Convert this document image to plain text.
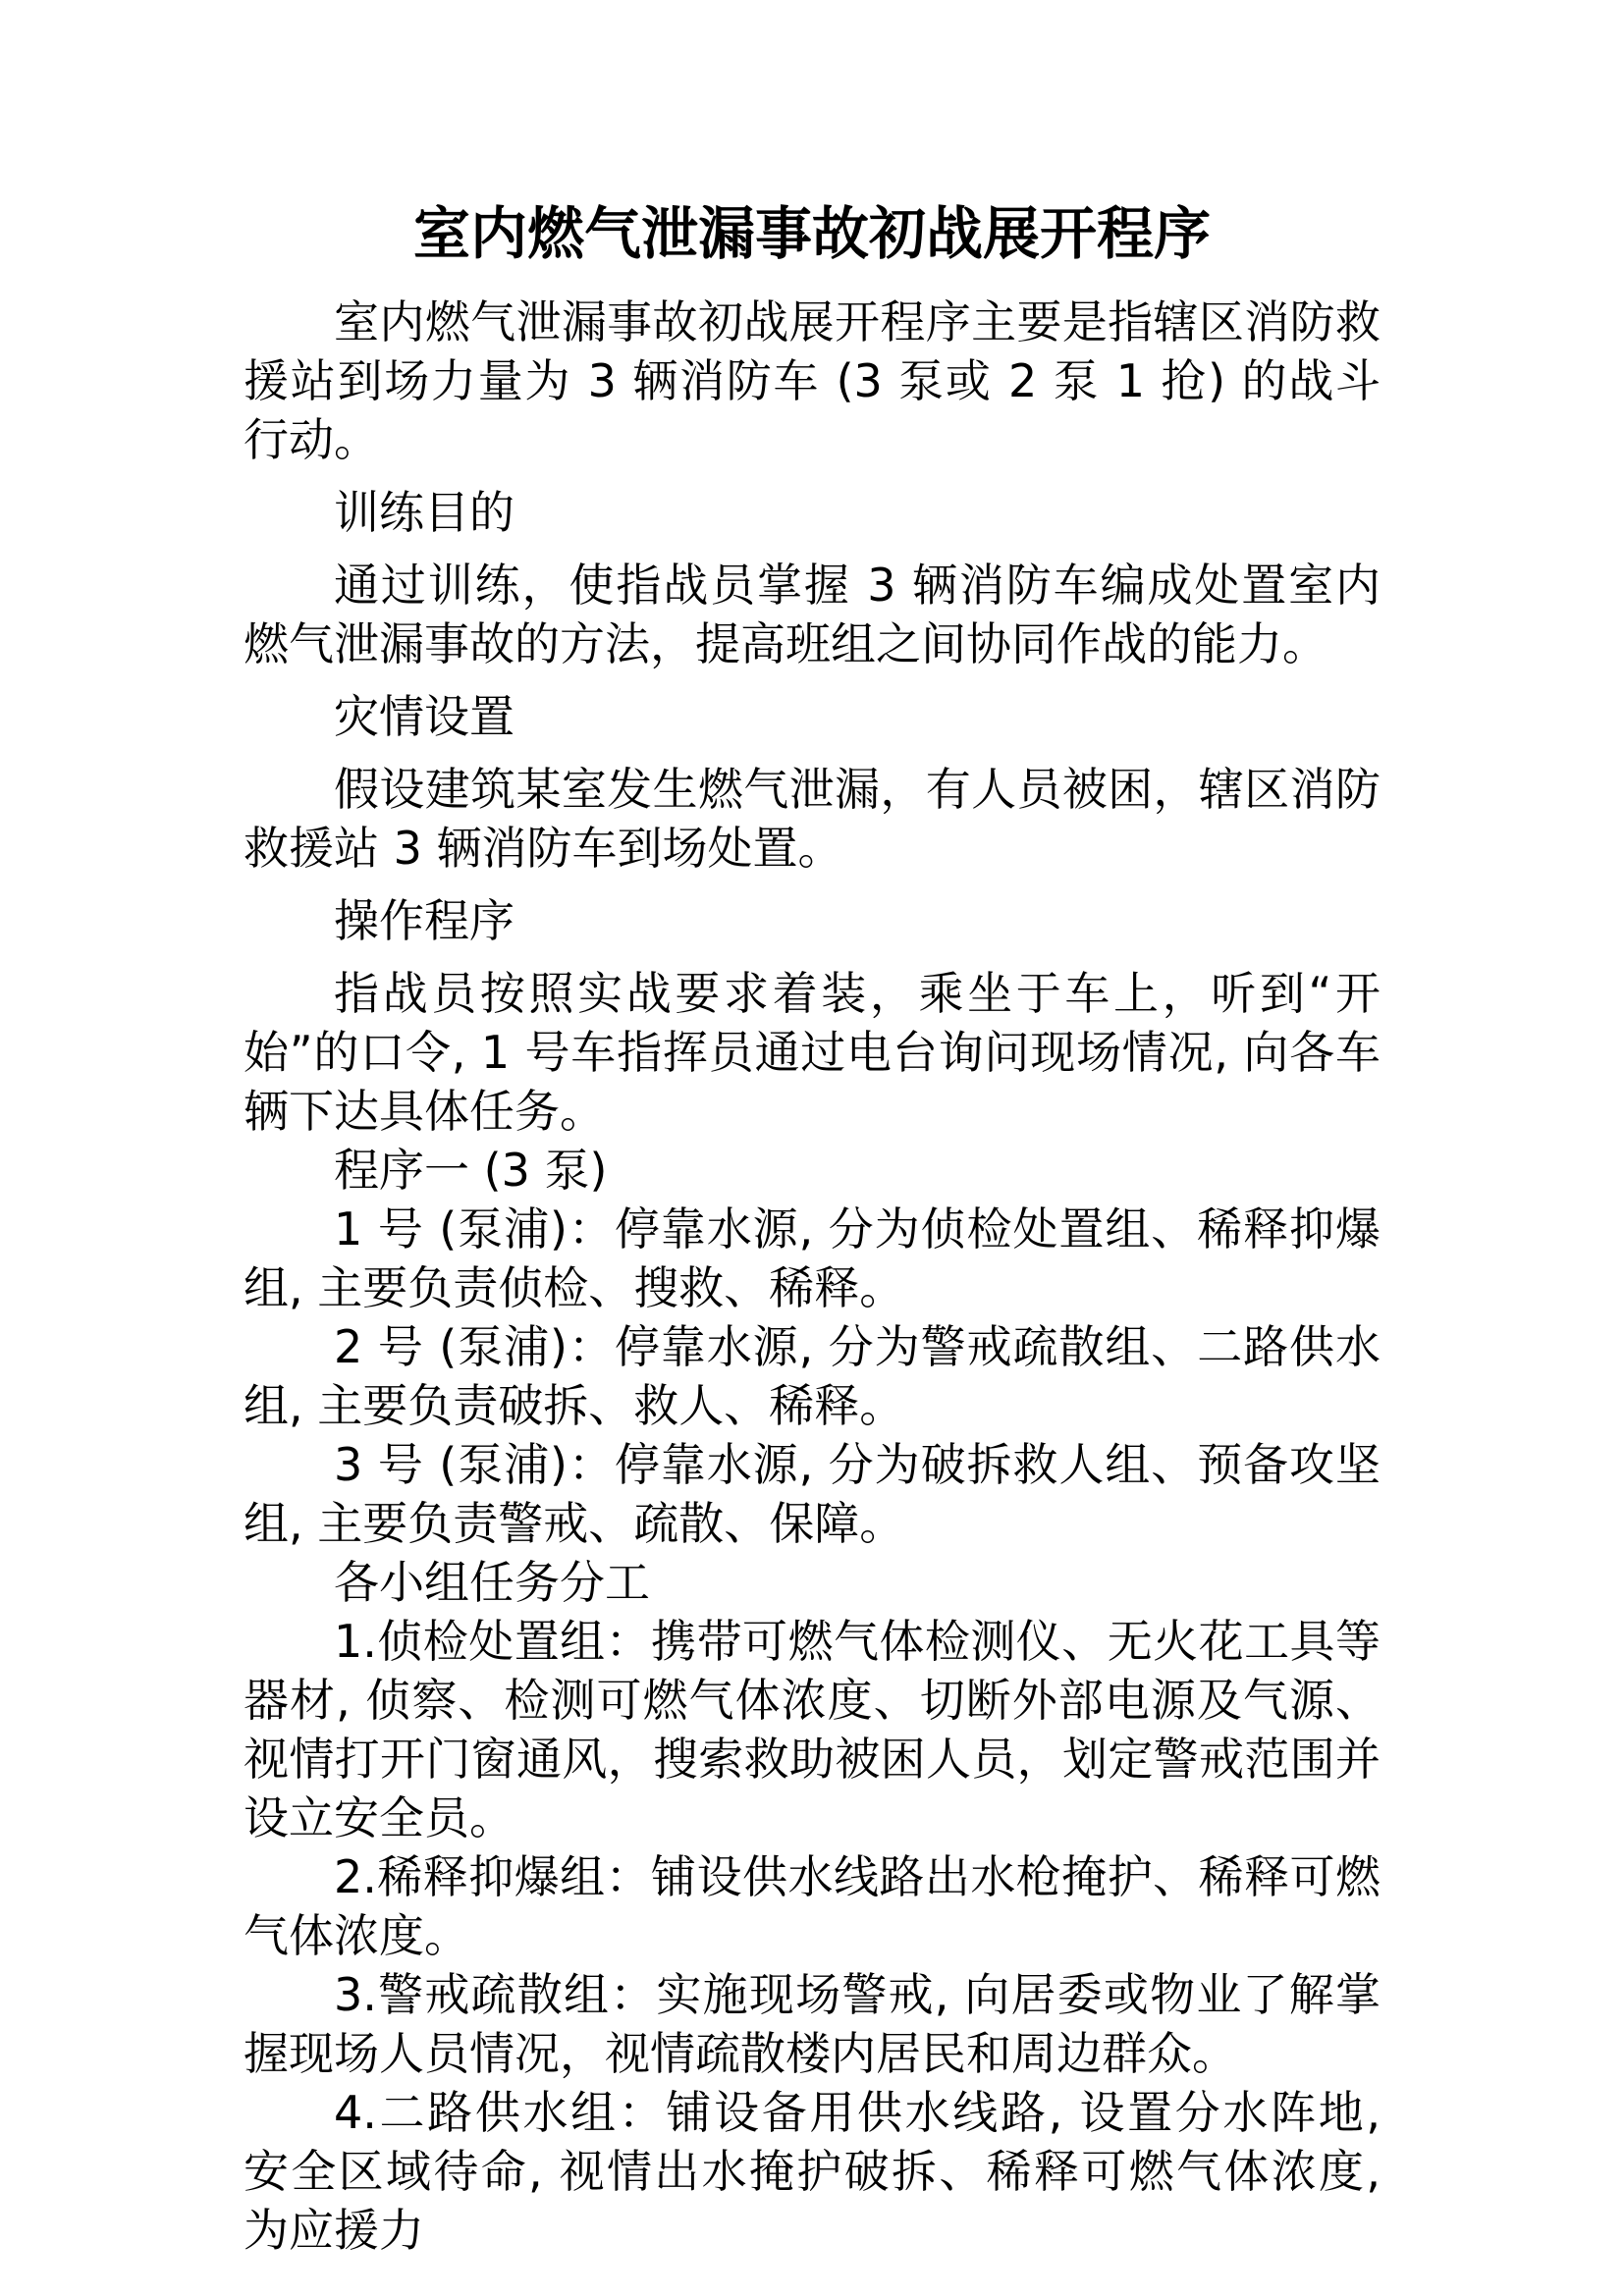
室内燃气泄漏事故初战展开程序

室内燃气泄漏事故初战展开程序主要是指辖区消防救援站到场力量为 3 辆消防车 (3 泵或 2 泵 1 抢) 的战斗行动。

训练目的

通过训练，使指战员掌握 3 辆消防车编成处置室内燃气泄漏事故的方法，提高班组之间协同作战的能力。

灾情设置

假设建筑某室发生燃气泄漏，有人员被困，辖区消防救援站 3 辆消防车到场处置。

操作程序

指战员按照实战要求着装，乘坐于车上，听到“开始”的口令, 1 号车指挥员通过电台询问现场情况, 向各车辆下达具体任务。

程序一 (3 泵)

1 号 (泵浦)：停靠水源, 分为侦检处置组、稀释抑爆组, 主要负责侦检、搜救、稀释。

2 号 (泵浦)：停靠水源, 分为警戒疏散组、二路供水组, 主要负责破拆、救人、稀释。

3 号 (泵浦)：停靠水源, 分为破拆救人组、预备攻坚组, 主要负责警戒、疏散、保障。

各小组任务分工

1.侦检处置组：携带可燃气体检测仪、无火花工具等器材, 侦察、检测可燃气体浓度、切断外部电源及气源、视情打开门窗通风，搜索救助被困人员，划定警戒范围并设立安全员。

2.稀释抑爆组：铺设供水线路出水枪掩护、稀释可燃气体浓度。

3.警戒疏散组：实施现场警戒, 向居委或物业了解掌握现场人员情况，视情疏散楼内居民和周边群众。

4.二路供水组：铺设备用供水线路, 设置分水阵地, 安全区域待命, 视情出水掩护破拆、稀释可燃气体浓度, 为应援力
